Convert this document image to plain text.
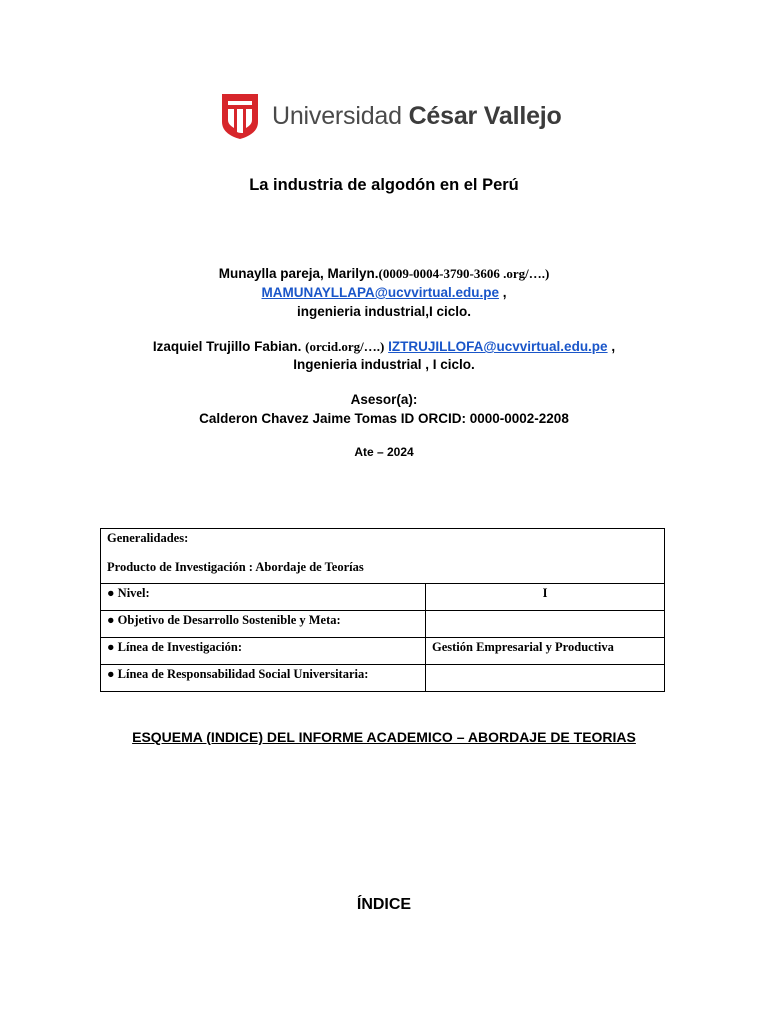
Universidad César Vallejo
La industria de algodón en el Perú
Munaylla pareja, Marilyn.(0009-0004-3790-3606 .org/….)
MAMUNAYLLAPA@ucvvirtual.edu.pe ,
ingenieria industrial,I ciclo.
Izaquiel Trujillo Fabian. (orcid.org/….) IZTRUJILLOFA@ucvvirtual.edu.pe ,
Ingenieria industrial , I ciclo.
Asesor(a):
Calderon Chavez Jaime Tomas ID ORCID: 0000-0002-2208
Ate – 2024
Generalidades:
Producto de Investigación : Abordaje de Teorías	

● Nivel:	I
● Objetivo de Desarrollo Sostenible y Meta:	
● Línea de Investigación:	Gestión Empresarial y Productiva
● Línea de Responsabilidad Social Universitaria:	
ESQUEMA (INDICE) DEL INFORME ACADEMICO – ABORDAJE DE TEORIAS
ÍNDICE
